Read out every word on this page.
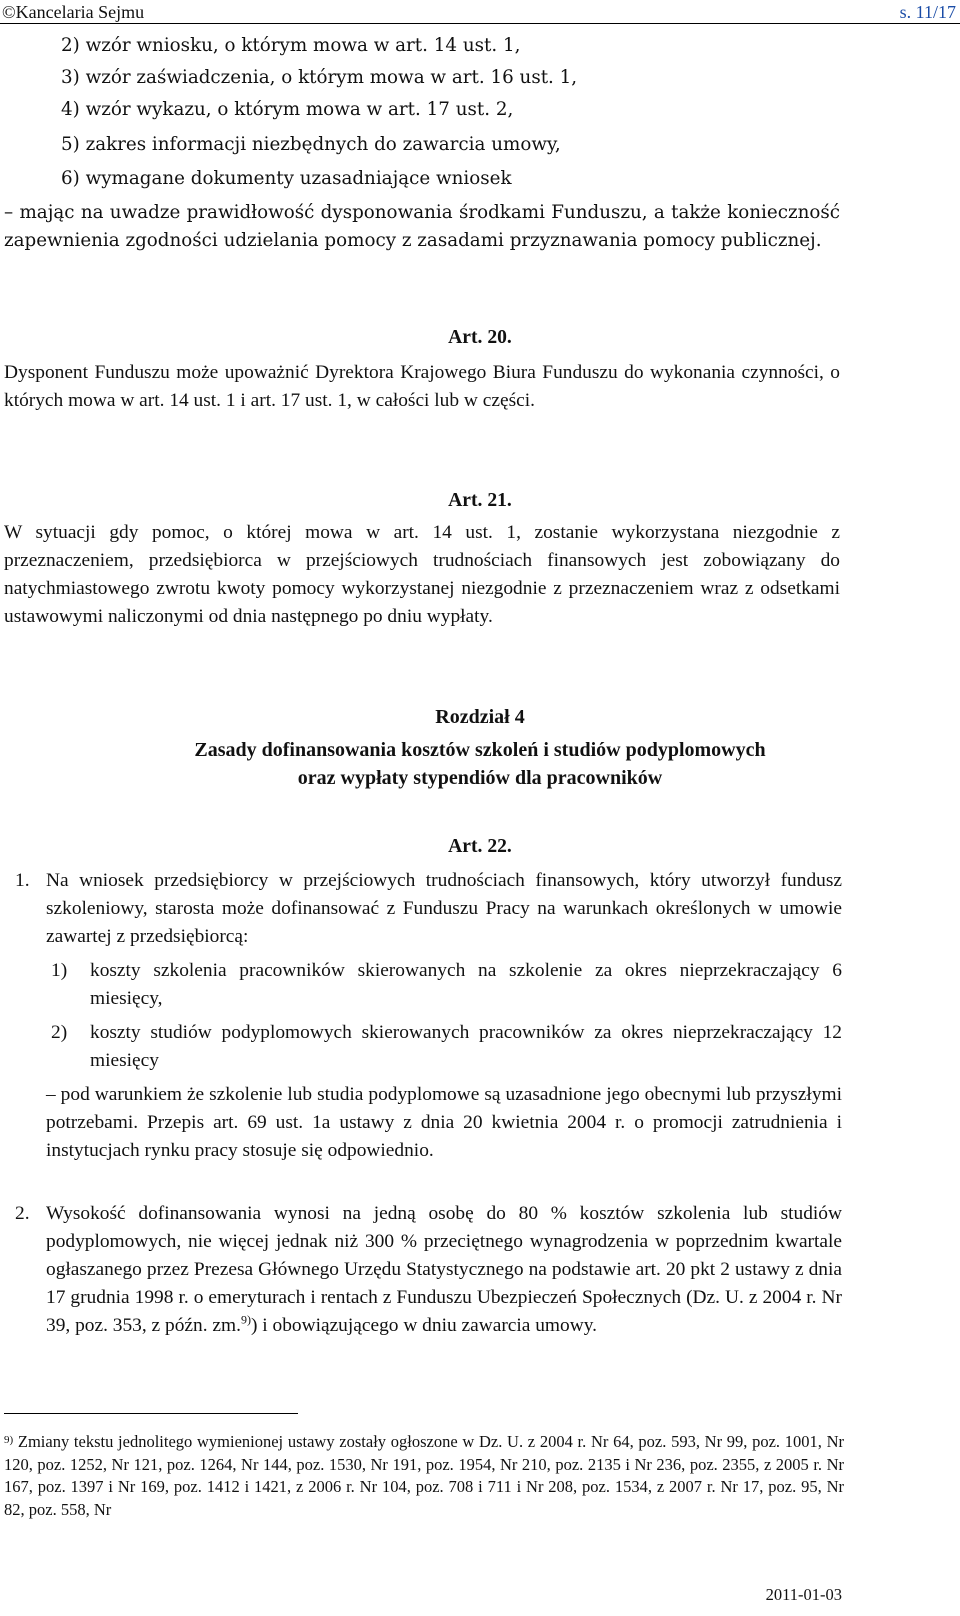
©Kancelaria Sejmu	s. 11/17
2) wzór wniosku, o którym mowa w art. 14 ust. 1,
3) wzór zaświadczenia, o którym mowa w art. 16 ust. 1,
4) wzór wykazu, o którym mowa w art. 17 ust. 2,
5) zakres informacji niezbędnych do zawarcia umowy,
6) wymagane dokumenty uzasadniające wniosek

– mając na uwadze prawidłowość dysponowania środkami Funduszu, a także konieczność zapewnienia zgodności udzielania pomocy z zasadami przyznawania pomocy publicznej.

Art. 20.

Dysponent Funduszu może upoważnić Dyrektora Krajowego Biura Funduszu do wykonania czynności, o których mowa w art. 14 ust. 1 i art. 17 ust. 1, w całości lub w części.

Art. 21.

W sytuacji gdy pomoc, o której mowa w art. 14 ust. 1, zostanie wykorzystana niezgodnie z przeznaczeniem, przedsiębiorca w przejściowych trudnościach finansowych jest zobowiązany do natychmiastowego zwrotu kwoty pomocy wykorzystanej niezgodnie z przeznaczeniem wraz z odsetkami ustawowymi naliczonymi od dnia następnego po dniu wypłaty.

Rozdział 4
Zasady dofinansowania kosztów szkoleń i studiów podyplomowych
oraz wypłaty stypendiów dla pracowników
Art. 22.
1. Na wniosek przedsiębiorcy w przejściowych trudnościach finansowych, który utworzył fundusz szkoleniowy, starosta może dofinansować z Funduszu Pracy na warunkach określonych w umowie zawartej z przedsiębiorcą:

1)	koszty szkolenia pracowników skierowanych na szkolenie za okres nieprzekraczający 6 miesięcy,

2)	koszty studiów podyplomowych skierowanych pracowników za okres nieprzekraczający 12 miesięcy

– pod warunkiem że szkolenie lub studia podyplomowe są uzasadnione jego obecnymi lub przyszłymi potrzebami. Przepis art. 69 ust. 1a ustawy z dnia 20 kwietnia 2004 r. o promocji zatrudnienia i instytucjach rynku pracy stosuje się odpowiednio.

2. Wysokość dofinansowania wynosi na jedną osobę do 80 % kosztów szkolenia lub studiów podyplomowych, nie więcej jednak niż 300 % przeciętnego wynagrodzenia w poprzednim kwartale ogłaszanego przez Prezesa Głównego Urzędu Statystycznego na podstawie art. 20 pkt 2 ustawy z dnia 17 grudnia 1998 r. o emeryturach i rentach z Funduszu Ubezpieczeń Społecznych (Dz. U. z 2004 r. Nr 39, poz. 353, z późn. zm.$^{9)}$) i obowiązującego w dniu zawarcia umowy.

$^{9)}$ Zmiany tekstu jednolitego wymienionej ustawy zostały ogłoszone w Dz. U. z 2004 r. Nr 64, poz. 593, Nr 99, poz. 1001, Nr 120, poz. 1252, Nr 121, poz. 1264, Nr 144, poz. 1530, Nr 191, poz. 1954, Nr 210, poz. 2135 i Nr 236, poz. 2355, z 2005 r. Nr 167, poz. 1397 i Nr 169, poz. 1412 i 1421, z 2006 r. Nr 104, poz. 708 i 711 i Nr 208, poz. 1534, z 2007 r. Nr 17, poz. 95, Nr 82, poz. 558, Nr
2011-01-03
